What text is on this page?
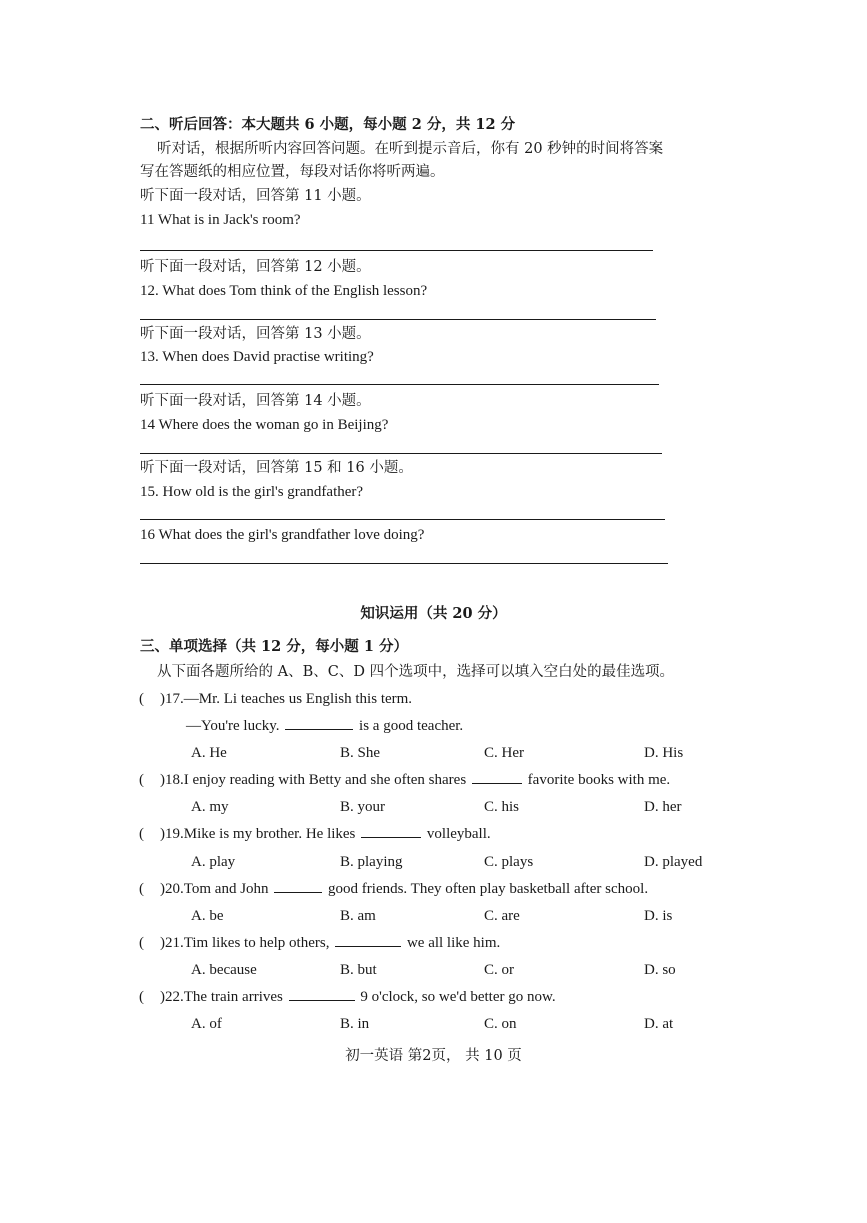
二、听后回答：本大题共 6 小题，每小题 2 分，共 12 分
听对话，根据所听内容回答问题。在听到提示音后，你有 20 秒钟的时间将答案
写在答题纸的相应位置，每段对话你将听两遍。
听下面一段对话，回答第 11 小题。
11 What is in Jack's room?
听下面一段对话，回答第 12 小题。
12. What does Tom think of the English lesson?
听下面一段对话，回答第 13 小题。
13. When does David practise writing?
听下面一段对话，回答第 14 小题。
14 Where does the woman go in Beijing?
听下面一段对话，回答第 15 和 16 小题。
15. How old is the girl's grandfather?
16 What does the girl's grandfather love doing?
知识运用（共 20 分）
三、单项选择（共 12 分，每小题 1 分）
从下面各题所给的 A、B、C、D 四个选项中，选择可以填入空白处的最佳选项。
( )17.—Mr. Li teaches us English this term.
—You're lucky.	is a good teacher.
A. He	B. She	C. Her	D. His
( )18.I enjoy reading with Betty and she often shares	favorite books with me.
A. my	B. your	C. his	D. her
( )19.Mike is my brother. He likes	volleyball.
A. play	B. playing	C. plays	D. played
( )20.Tom and John	good friends. They often play basketball after school.
A. be	B. am	C. are	D. is
( )21.Tim likes to help others,	we all like him.
A. because	B. but	C. or	D. so
( )22.The train arrives	9 o'clock, so we'd better go now.
A. of	B. in	C. on	D. at
初一英语 第2页， 共 10 页
